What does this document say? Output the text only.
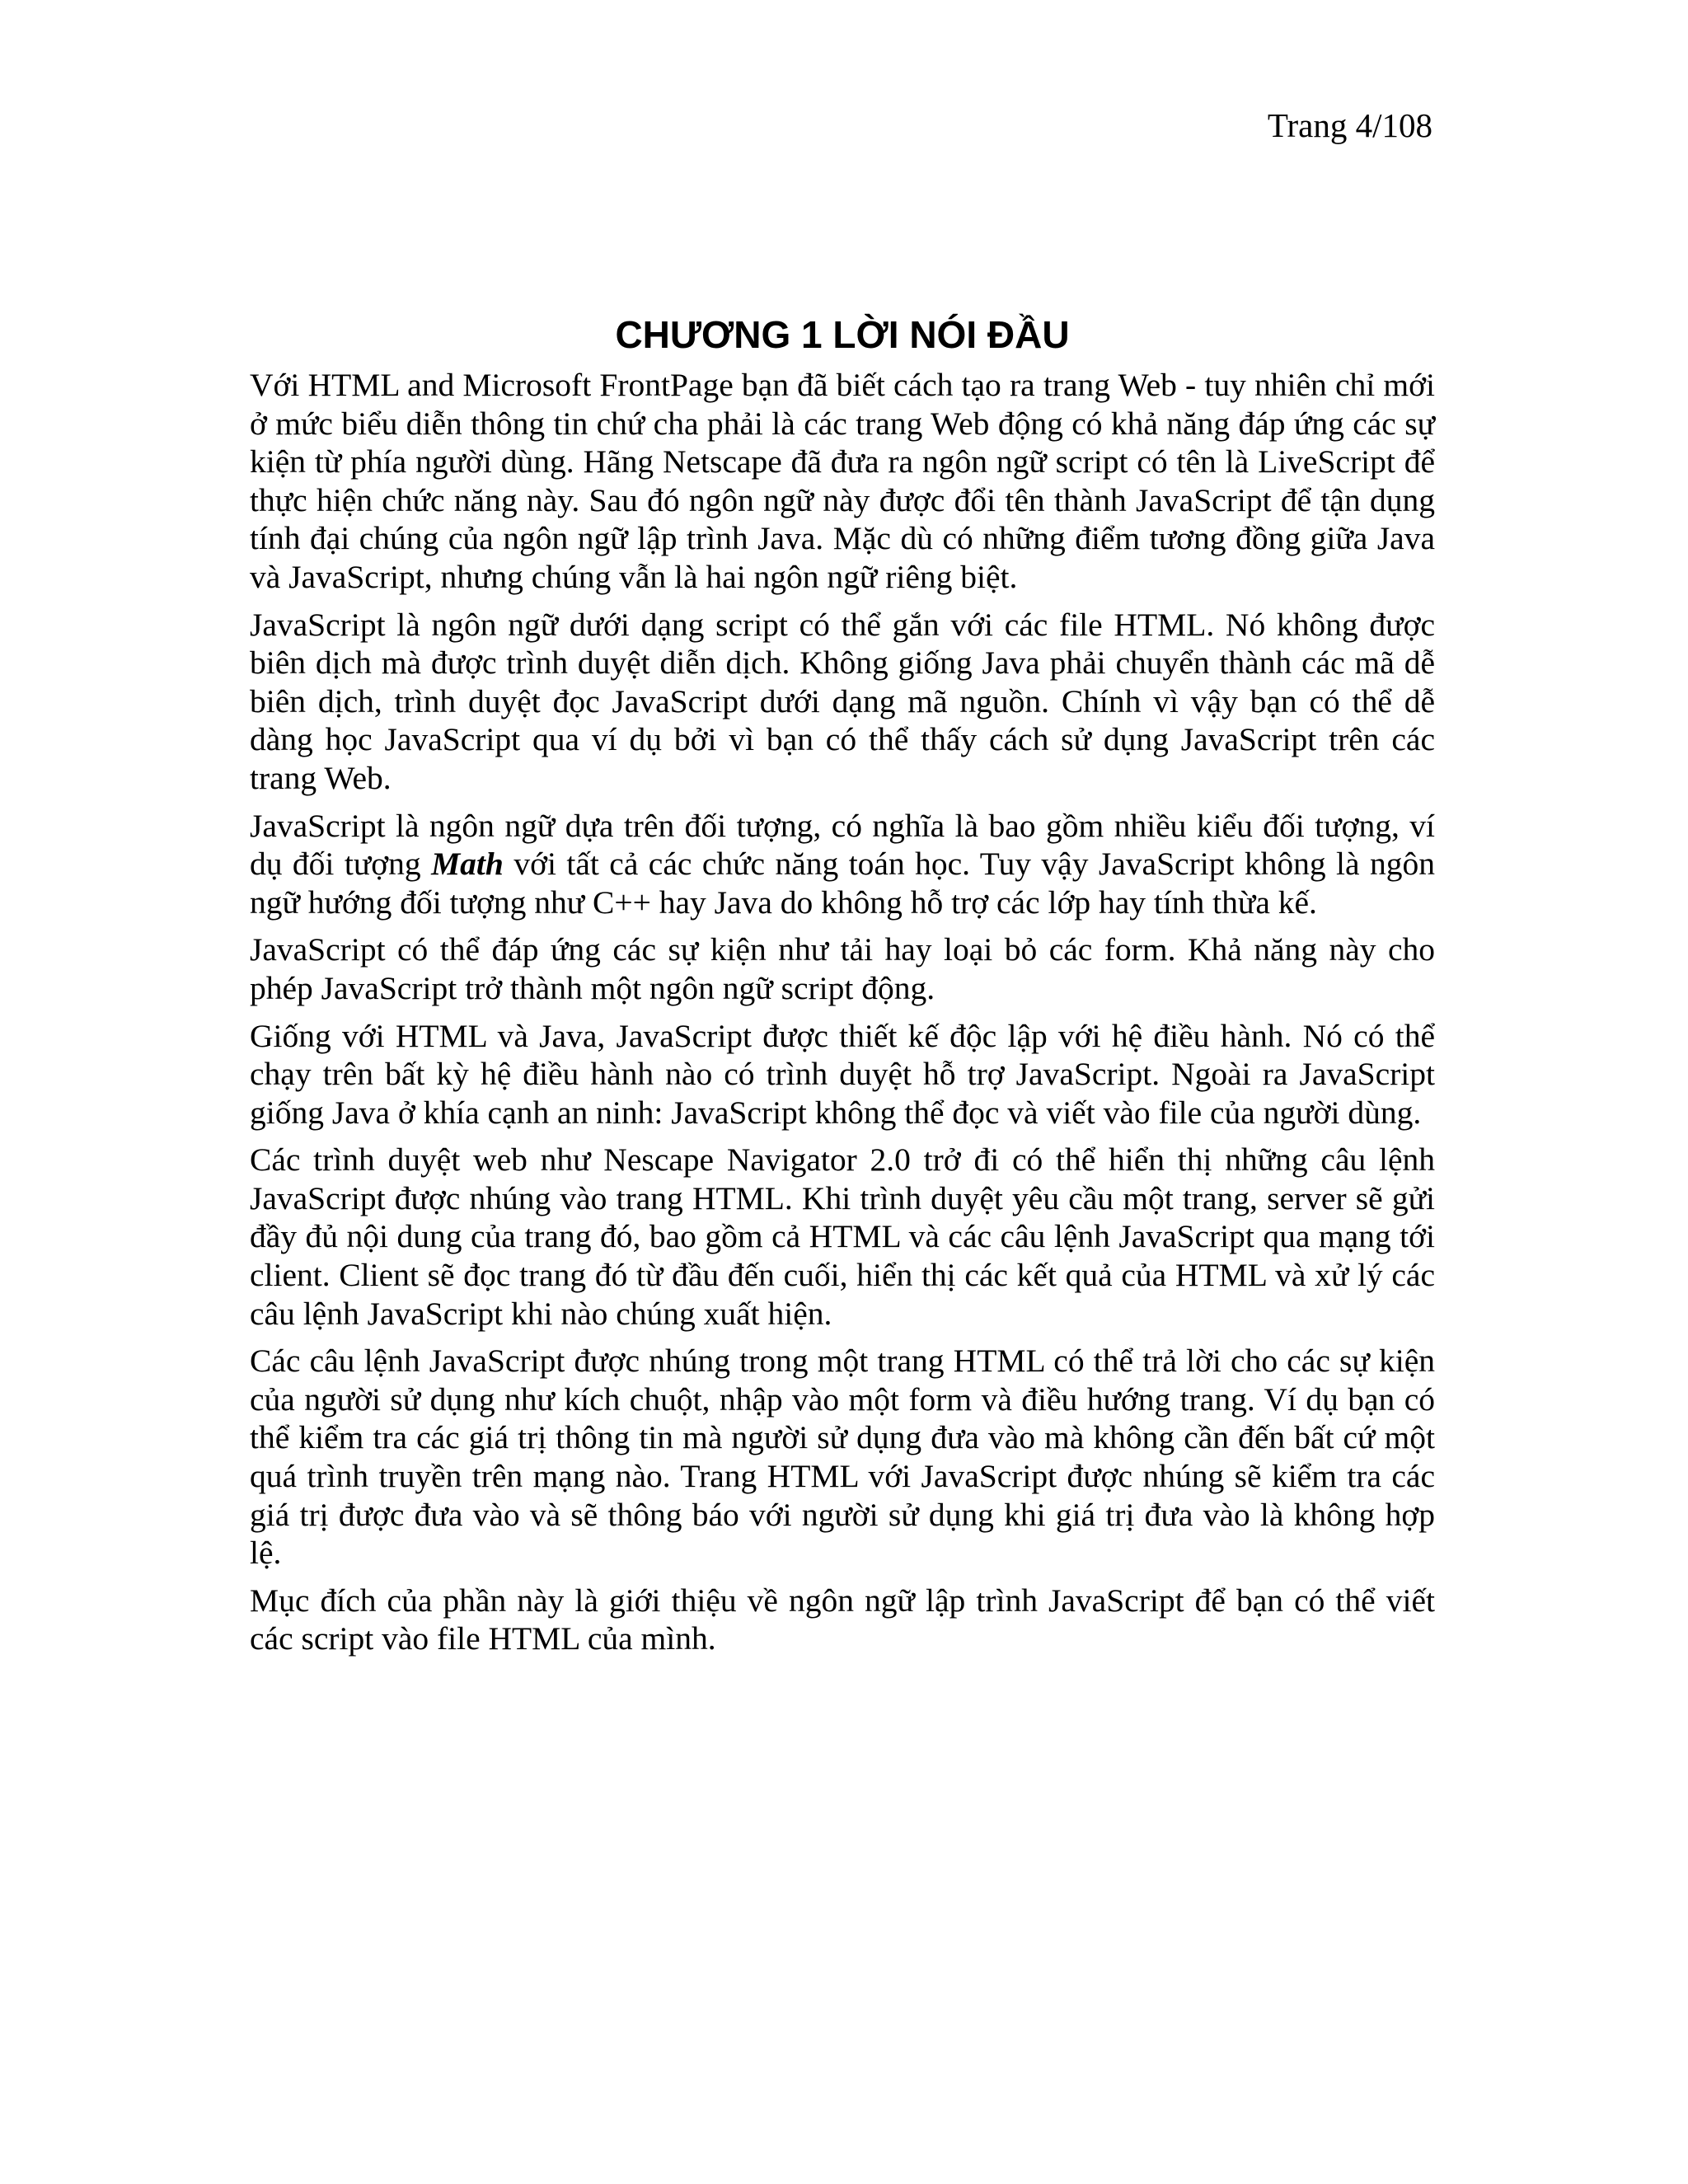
Trang 4/108
CHƯƠNG 1 LỜI NÓI ĐẦU

Với HTML and Microsoft FrontPage bạn đã biết cách tạo ra trang Web - tuy nhiên chỉ mới ở mức biểu diễn thông tin chứ cha phải là các trang Web động có khả năng đáp ứng các sự kiện từ phía người dùng. Hãng Netscape đã đưa ra ngôn ngữ script có tên là LiveScript để thực hiện chức năng này. Sau đó ngôn ngữ này được đổi tên thành JavaScript để tận dụng tính đại chúng của ngôn ngữ lập trình Java. Mặc dù có những điểm tương đồng giữa Java và JavaScript, nhưng chúng vẫn là hai ngôn ngữ riêng biệt.

JavaScript là ngôn ngữ dưới dạng script có thể gắn với các file HTML. Nó không được biên dịch mà được trình duyệt diễn dịch. Không giống Java phải chuyển thành các mã dễ biên dịch, trình duyệt đọc JavaScript dưới dạng mã nguồn. Chính vì vậy bạn có thể dễ dàng học JavaScript qua ví dụ bởi vì bạn có thể thấy cách sử dụng JavaScript trên các trang Web.

JavaScript là ngôn ngữ dựa trên đối tượng, có nghĩa là bao gồm nhiều kiểu đối tượng, ví dụ đối tượng Math với tất cả các chức năng toán học. Tuy vậy JavaScript không là ngôn ngữ hướng đối tượng như C++ hay Java do không hỗ trợ các lớp hay tính thừa kế.

JavaScript có thể đáp ứng các sự kiện như tải hay loại bỏ các form. Khả năng này cho phép JavaScript trở thành một ngôn ngữ script động.

Giống với HTML và Java, JavaScript được thiết kế độc lập với hệ điều hành. Nó có thể chạy trên bất kỳ hệ điều hành nào có trình duyệt hỗ trợ JavaScript. Ngoài ra JavaScript giống Java ở khía cạnh an ninh: JavaScript không thể đọc và viết vào file của người dùng.

Các trình duyệt web như Nescape Navigator 2.0 trở đi có thể hiển thị những câu lệnh JavaScript được nhúng vào trang HTML. Khi trình duyệt yêu cầu một trang, server sẽ gửi đầy đủ nội dung của trang đó, bao gồm cả HTML và các câu lệnh JavaScript qua mạng tới client. Client sẽ đọc trang đó từ đầu đến cuối, hiển thị các kết quả của HTML và xử lý các câu lệnh JavaScript khi nào chúng xuất hiện.

Các câu lệnh JavaScript được nhúng trong một trang HTML có thể trả lời cho các sự kiện của người sử dụng như kích chuột, nhập vào một form và điều hướng trang. Ví dụ bạn có thể kiểm tra các giá trị thông tin mà người sử dụng đưa vào mà không cần đến bất cứ một quá trình truyền trên mạng nào. Trang HTML với JavaScript được nhúng sẽ kiểm tra các giá trị được đưa vào và sẽ thông báo với người sử dụng khi giá trị đưa vào là không hợp lệ.

Mục đích của phần này là giới thiệu về ngôn ngữ lập trình JavaScript để bạn có thể viết các script vào file HTML của mình.
